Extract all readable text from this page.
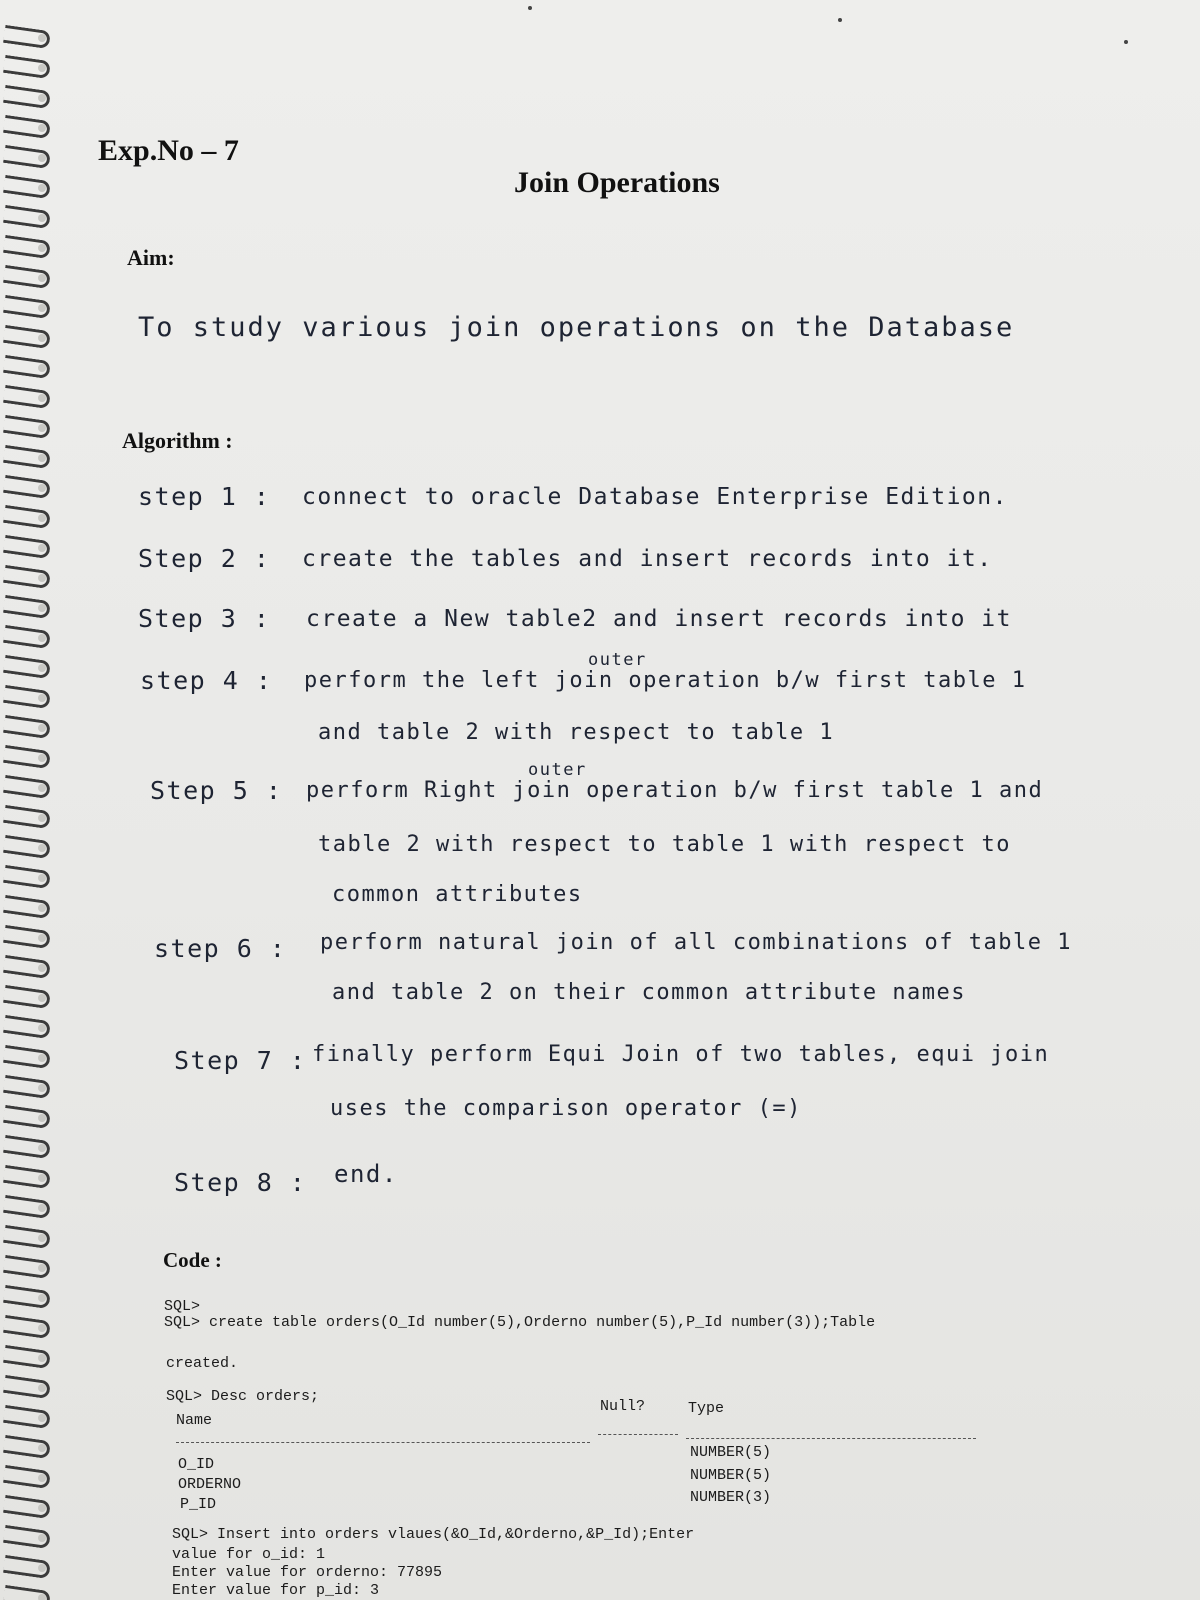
Exp.No – 7
Join Operations
Aim:
To study various join operations on the Database
Algorithm :
step 1 : connect to oracle Database Enterprise Edition.
Step 2 : create the tables and insert records into it.
Step 3 : create a New table2 and insert records into it
outer
step 4 : perform the left join operation b/w first table 1
and table 2 with respect to table 1
outer
Step 5 : perform Right join operation b/w first table 1 and
table 2 with respect to table 1 with respect to
common attributes
step 6 : perform natural join of all combinations of table 1
and table 2 on their common attribute names
Step 7 : finally perform Equi Join of two tables, equi join
uses the comparison operator (=)
Step 8 : end.
Code :
SQL>
SQL> create table orders(O_Id number(5),Orderno number(5),P_Id number(3));Table
created.
SQL> Desc orders;
Name
Null?	Type
O_ID
ORDERNO
P_ID
NUMBER(5)
NUMBER(5)
NUMBER(3)
SQL> Insert into orders vlaues(&O_Id,&Orderno,&P_Id);Enter
value for o_id: 1
Enter value for orderno: 77895
Enter value for p_id: 3
